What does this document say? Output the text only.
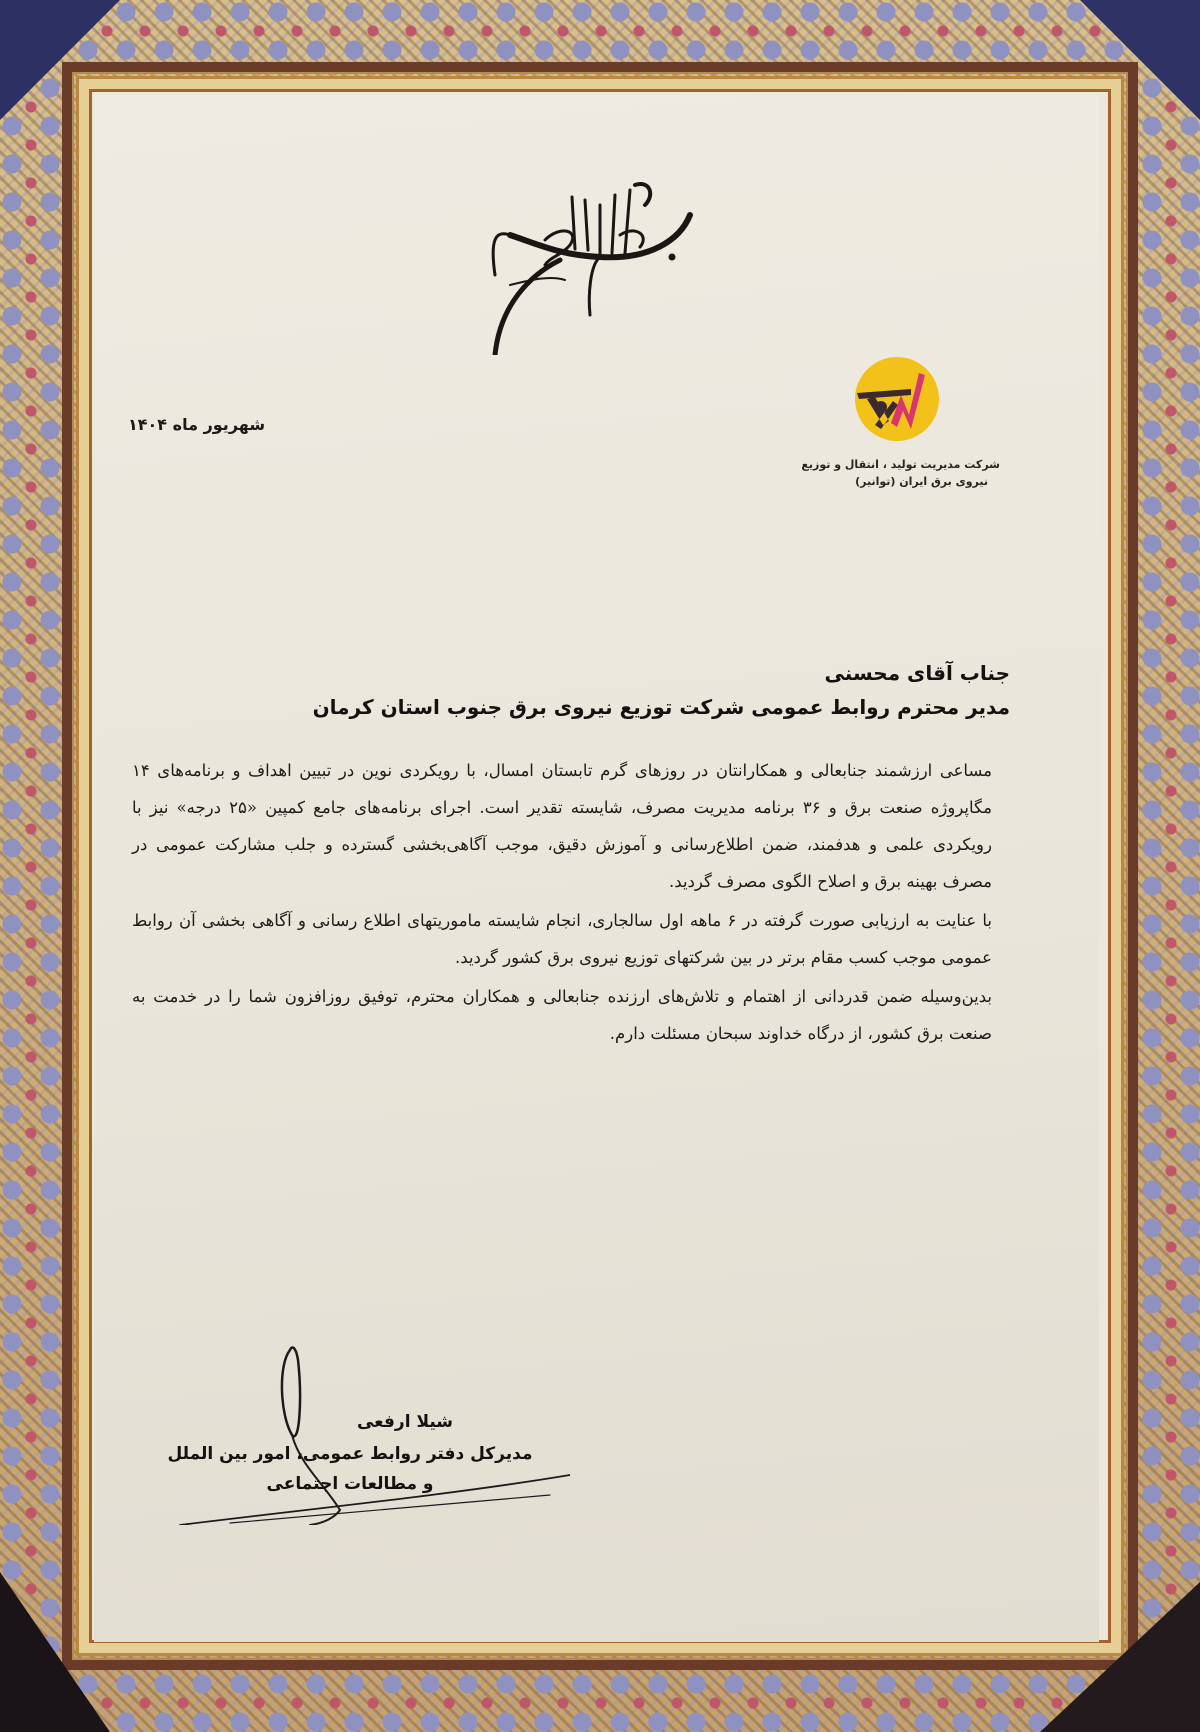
شرکت مدیریت تولید ، انتقال و توزیع
نیروی برق ایران (توانیر)
شهریور ماه ۱۴۰۴
جناب آقای محسنی
مدیر محترم روابط عمومی شرکت توزیع نیروی برق جنوب استان کرمان

مساعی ارزشمند جنابعالی و همکارانتان در روزهای گرم تابستان امسال، با رویکردی نوین در تبیین اهداف و برنامه‌های ۱۴ مگاپروژه صنعت برق و ۳۶ برنامه مدیریت مصرف، شایسته تقدیر است. اجرای برنامه‌های جامع کمپین «۲۵ درجه» نیز با رویکردی علمی و هدفمند، ضمن اطلاع‌رسانی و آموزش دقیق، موجب آگاهی‌بخشی گسترده و جلب مشارکت عمومی در مصرف بهینه برق و اصلاح الگوی مصرف گردید.

با عنایت به ارزیابی صورت گرفته در ۶ ماهه اول سالجاری، انجام شایسته ماموریتهای اطلاع رسانی و آگاهی بخشی آن روابط عمومی موجب کسب مقام برتر در بین شرکتهای توزیع نیروی برق کشور گردید.

بدین‌وسیله ضمن قدردانی از اهتمام و تلاش‌های ارزنده جنابعالی و همکاران محترم، توفیق روزافزون شما را در خدمت به صنعت برق کشور، از درگاه خداوند سبحان مسئلت دارم.

شیلا ارفعی
مدیرکل دفتر روابط عمومی، امور بین الملل
و مطالعات اجتماعی
